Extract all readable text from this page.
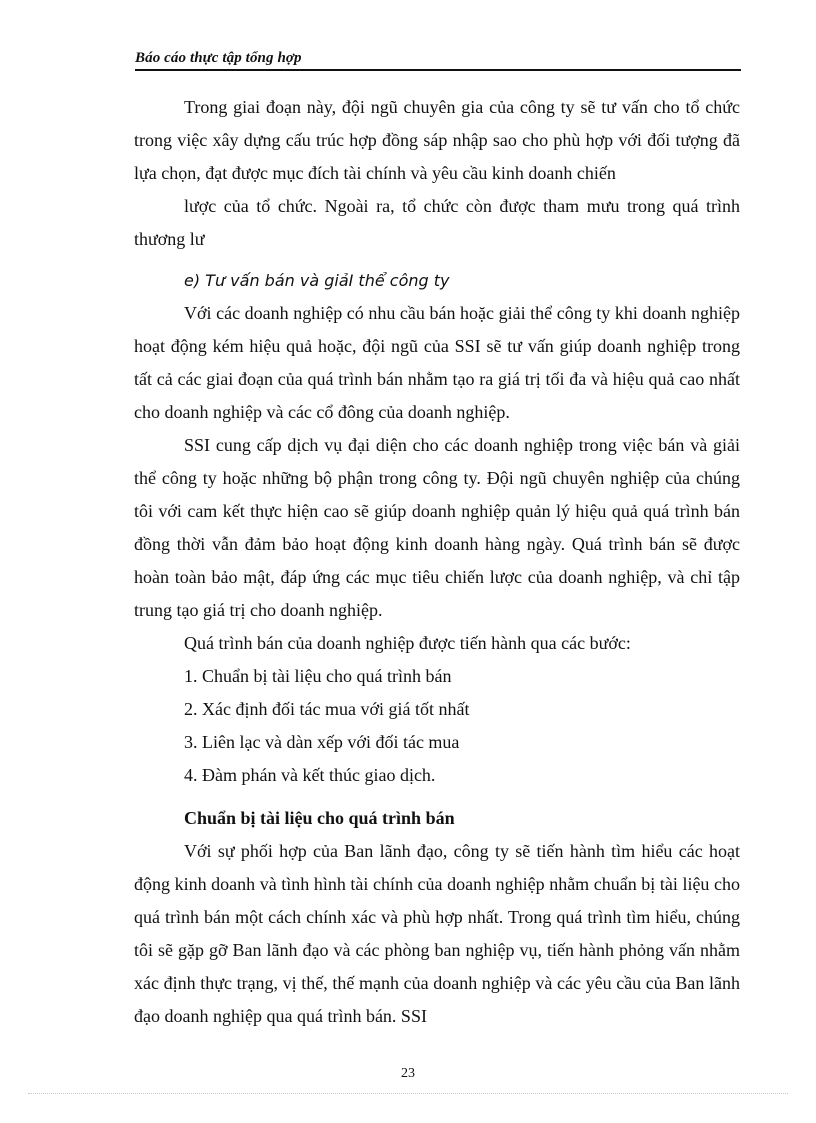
Báo cáo thực tập tổng hợp

Trong giai đoạn này, đội ngũ chuyên gia của công ty sẽ tư vấn cho tổ chức trong việc xây dựng cấu trúc hợp đồng sáp nhập sao cho phù hợp với đối tượng đã lựa chọn, đạt được mục đích tài chính và yêu cầu kinh doanh chiến

lược của tổ chức. Ngoài ra, tổ chức còn được tham mưu trong quá trình thương lư

e) Tư vấn bán và giảI thể công ty

Với các doanh nghiệp có nhu cầu bán hoặc giải thể công ty khi doanh nghiệp hoạt động kém hiệu quả hoặc, đội ngũ của SSI sẽ tư vấn giúp doanh nghiệp trong tất cả các giai đoạn của quá trình bán nhằm tạo ra giá trị tối đa và hiệu quả cao nhất cho doanh nghiệp và các cổ đông của doanh nghiệp.

SSI cung cấp dịch vụ đại diện cho các doanh nghiệp trong việc bán và giải thể công ty hoặc những bộ phận trong công ty. Đội ngũ chuyên nghiệp của chúng tôi với cam kết thực hiện cao sẽ giúp doanh nghiệp quản lý hiệu quả quá trình bán đồng thời vẫn đảm bảo hoạt động kinh doanh hàng ngày. Quá trình bán sẽ được hoàn toàn bảo mật, đáp ứng các mục tiêu chiến lược của doanh nghiệp, và chỉ tập trung tạo giá trị cho doanh nghiệp.

Quá trình bán của doanh nghiệp được tiến hành qua các bước:

1. Chuẩn bị tài liệu cho quá trình bán

2. Xác định đối tác mua với giá tốt nhất

3. Liên lạc và dàn xếp với đối tác mua

4. Đàm phán và kết thúc giao dịch.

Chuẩn bị tài liệu cho quá trình bán

Với sự phối hợp của Ban lãnh đạo, công ty sẽ tiến hành tìm hiểu các hoạt động kinh doanh và tình hình tài chính của doanh nghiệp nhằm chuẩn bị tài liệu cho quá trình bán một cách chính xác và phù hợp nhất. Trong quá trình tìm hiểu, chúng tôi sẽ gặp gỡ Ban lãnh đạo và các phòng ban nghiệp vụ, tiến hành phỏng vấn nhằm xác định thực trạng, vị thế, thế mạnh của doanh nghiệp và các yêu cầu của Ban lãnh đạo doanh nghiệp qua quá trình bán. SSI

23
